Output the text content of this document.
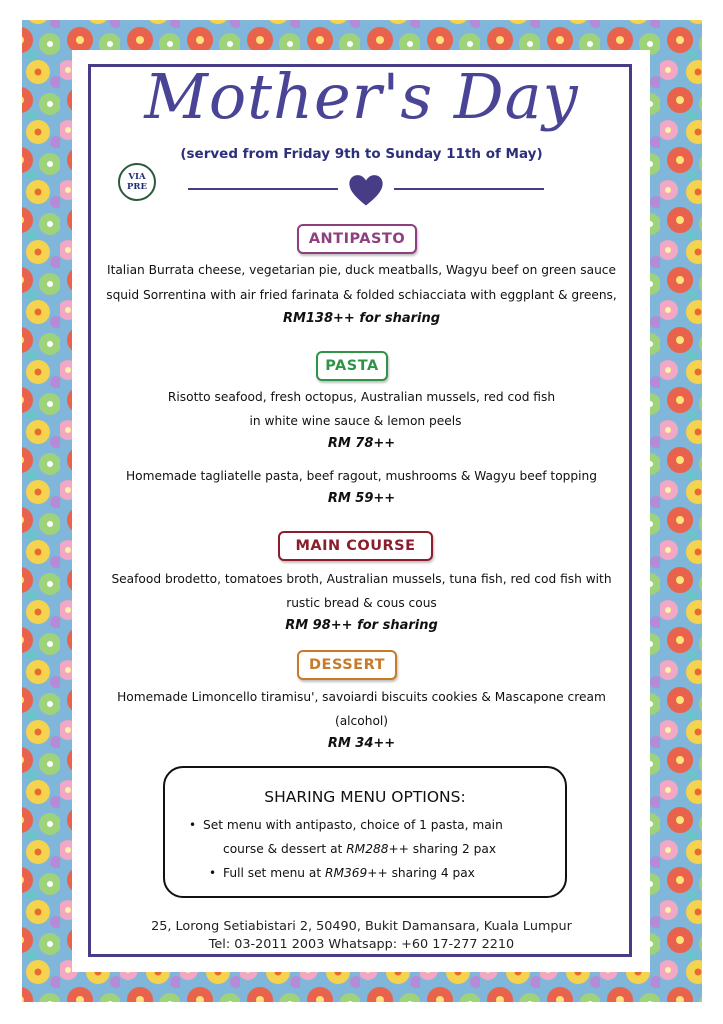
Mother's Day
(served from Friday 9th to Sunday 11th of May)
VIA
PRE
ANTIPASTO
Italian Burrata cheese, vegetarian pie, duck meatballs, Wagyu beef on green sauce
squid Sorrentina with air fried farinata & folded schiacciata with eggplant & greens,
RM138++ for sharing
PASTA
Risotto seafood, fresh octopus, Australian mussels, red cod fish
in white wine sauce & lemon peels
RM 78++
Homemade tagliatelle pasta, beef ragout, mushrooms & Wagyu beef topping
RM 59++
MAIN COURSE
Seafood brodetto, tomatoes broth, Australian mussels, tuna fish, red cod fish with
rustic bread & cous cous
RM 98++ for sharing
DESSERT
Homemade Limoncello tiramisu', savoiardi biscuits cookies & Mascapone cream
(alcohol)
RM 34++
SHARING MENU OPTIONS:
• Set menu with antipasto, choice of 1 pasta, main
course & dessert at RM288++ sharing 2 pax
• Full set menu at RM369++ sharing 4 pax
25, Lorong Setiabistari 2, 50490, Bukit Damansara, Kuala Lumpur
Tel: 03-2011 2003 Whatsapp: +60 17-277 2210
